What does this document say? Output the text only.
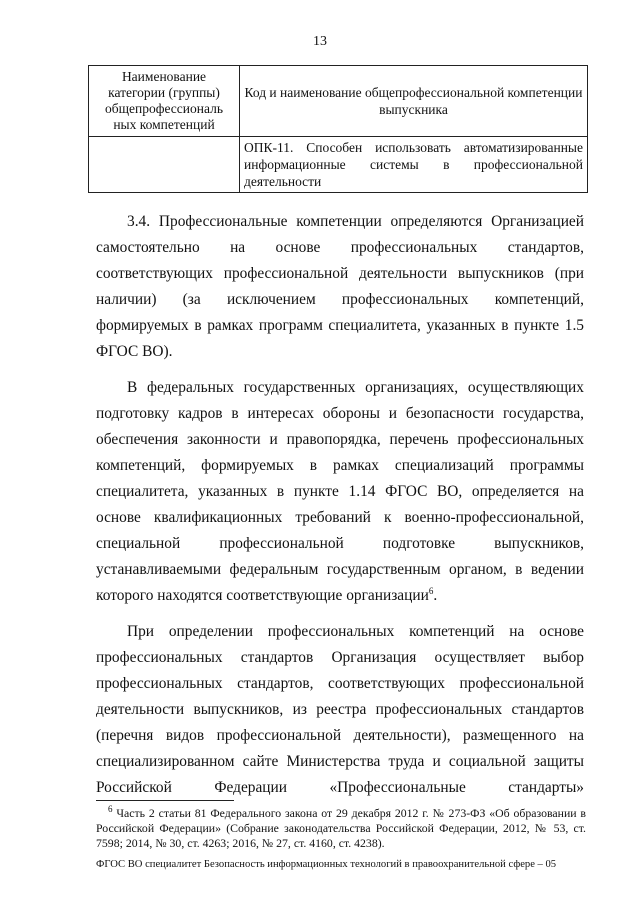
13
Наименование категории (группы) общепрофессиональ ных компетенций	Код и наименование общепрофессиональной компетенции выпускника
	ОПК-11. Способен использовать автоматизированные информационные системы в профессиональной деятельности

3.4. Профессиональные компетенции определяются Организацией самостоятельно на основе профессиональных стандартов, соответствующих профессиональной деятельности выпускников (при наличии) (за исключением профессиональных компетенций, формируемых в рамках программ специалитета, указанных в пункте 1.5 ФГОС ВО).

В федеральных государственных организациях, осуществляющих подготовку кадров в интересах обороны и безопасности государства, обеспечения законности и правопорядка, перечень профессиональных компетенций, формируемых в рамках специализаций программы специалитета, указанных в пункте 1.14 ФГОС ВО, определяется на основе квалификационных требований к военно-профессиональной, специальной профессиональной подготовке выпускников, устанавливаемыми федеральным государственным органом, в ведении которого находятся соответствующие организации$^6$.

При определении профессиональных компетенций на основе профессиональных стандартов Организация осуществляет выбор профессиональных стандартов, соответствующих профессиональной деятельности выпускников, из реестра профессиональных стандартов (перечня видов профессиональной деятельности), размещенного на специализированном сайте Министерства труда и социальной защиты Российской Федерации «Профессиональные стандарты»

$^6$ Часть 2 статьи 81 Федерального закона от 29 декабря 2012 г. № 273-ФЗ «Об образовании в Российской Федерации» (Собрание законодательства Российской Федерации, 2012, № 53, ст. 7598; 2014, № 30, ст. 4263; 2016, № 27, ст. 4160, ст. 4238).

ФГОС ВО специалитет Безопасность информационных технологий в правоохранительной сфере – 05
